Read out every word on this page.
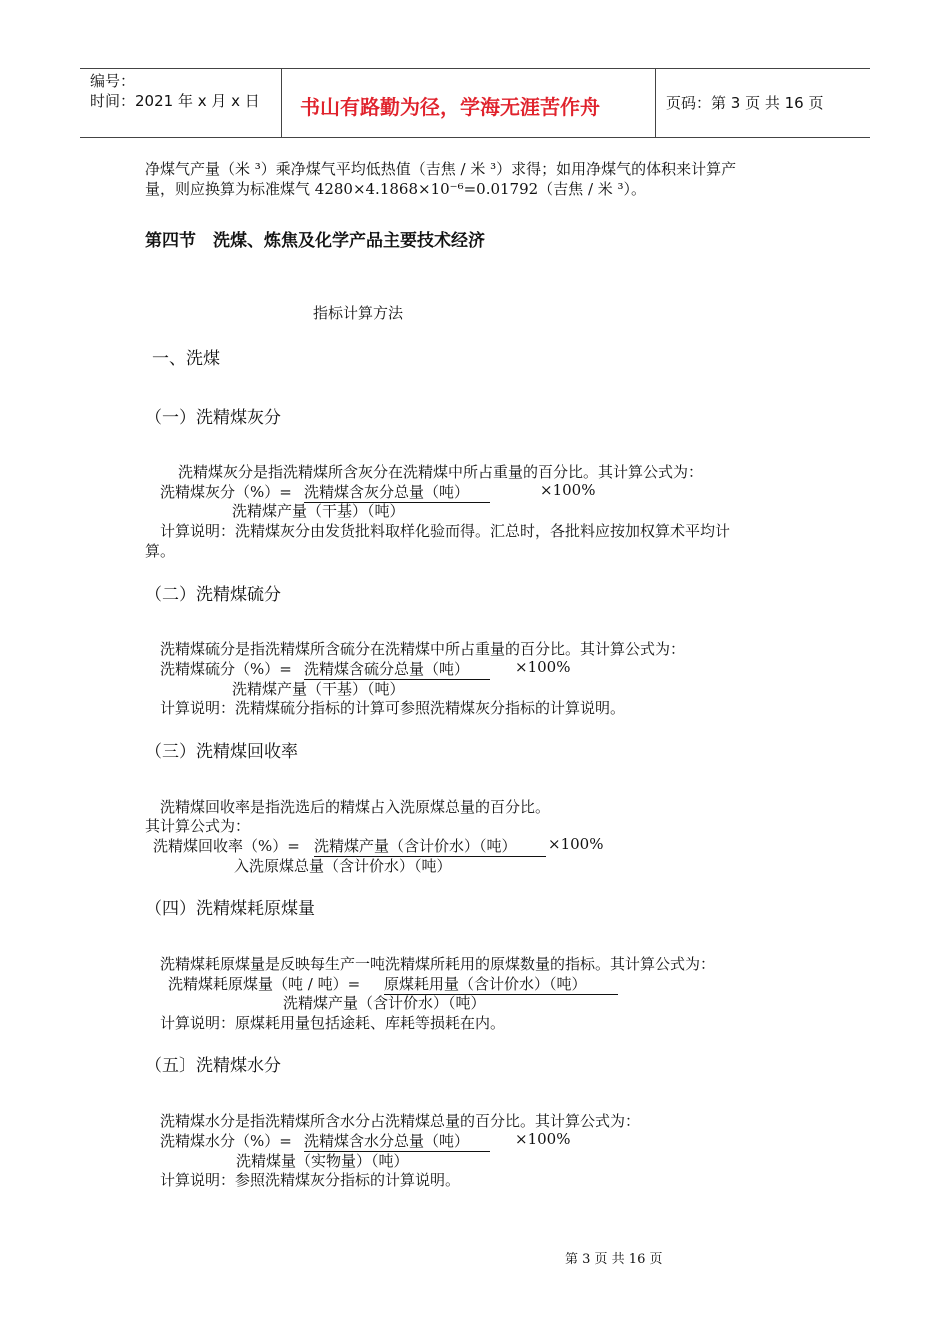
编号：
时间：2021 年 x 月 x 日 书山有路勤为径，学海无涯苦作舟	页码：第 3 页 共 16 页
净煤气产量（米 ³）乘净煤气平均低热值（吉焦 / 米 ³）求得；如用净煤气的体积来计算产
量，则应换算为标准煤气 4280×4.1868×10⁻⁶=0.01792（吉焦 / 米 ³）。
第四节　洗煤、炼焦及化学产品主要技术经济
指标计算方法
一、洗煤
（一）洗精煤灰分
洗精煤灰分是指洗精煤所含灰分在洗精煤中所占重量的百分比。其计算公式为：
洗精煤灰分（%）= 洗精煤含灰分总量（吨）	×100%
洗精煤产量（干基）（吨）
计算说明：洗精煤灰分由发货批料取样化验而得。汇总时，各批料应按加权算术平均计
算。
（二）洗精煤硫分
洗精煤硫分是指洗精煤所含硫分在洗精煤中所占重量的百分比。其计算公式为：
洗精煤硫分（%）= 洗精煤含硫分总量（吨）	×100%
洗精煤产量（干基）（吨）
计算说明：洗精煤硫分指标的计算可参照洗精煤灰分指标的计算说明。
（三）洗精煤回收率
洗精煤回收率是指洗选后的精煤占入洗原煤总量的百分比。
其计算公式为：
洗精煤回收率（%）= 洗精煤产量（含计价水）（吨）	×100%
入洗原煤总量（含计价水）（吨）
（四）洗精煤耗原煤量
洗精煤耗原煤量是反映每生产一吨洗精煤所耗用的原煤数量的指标。其计算公式为：
洗精煤耗原煤量（吨 / 吨）= 原煤耗用量（含计价水）（吨）
洗精煤产量（含计价水）（吨）
计算说明：原煤耗用量包括途耗、库耗等损耗在内。
（五〕洗精煤水分
洗精煤水分是指洗精煤所含水分占洗精煤总量的百分比。其计算公式为：
洗精煤水分（%）= 洗精煤含水分总量（吨）	×100%
洗精煤量（实物量）（吨）
计算说明：参照洗精煤灰分指标的计算说明。
第 3 页 共 16 页
